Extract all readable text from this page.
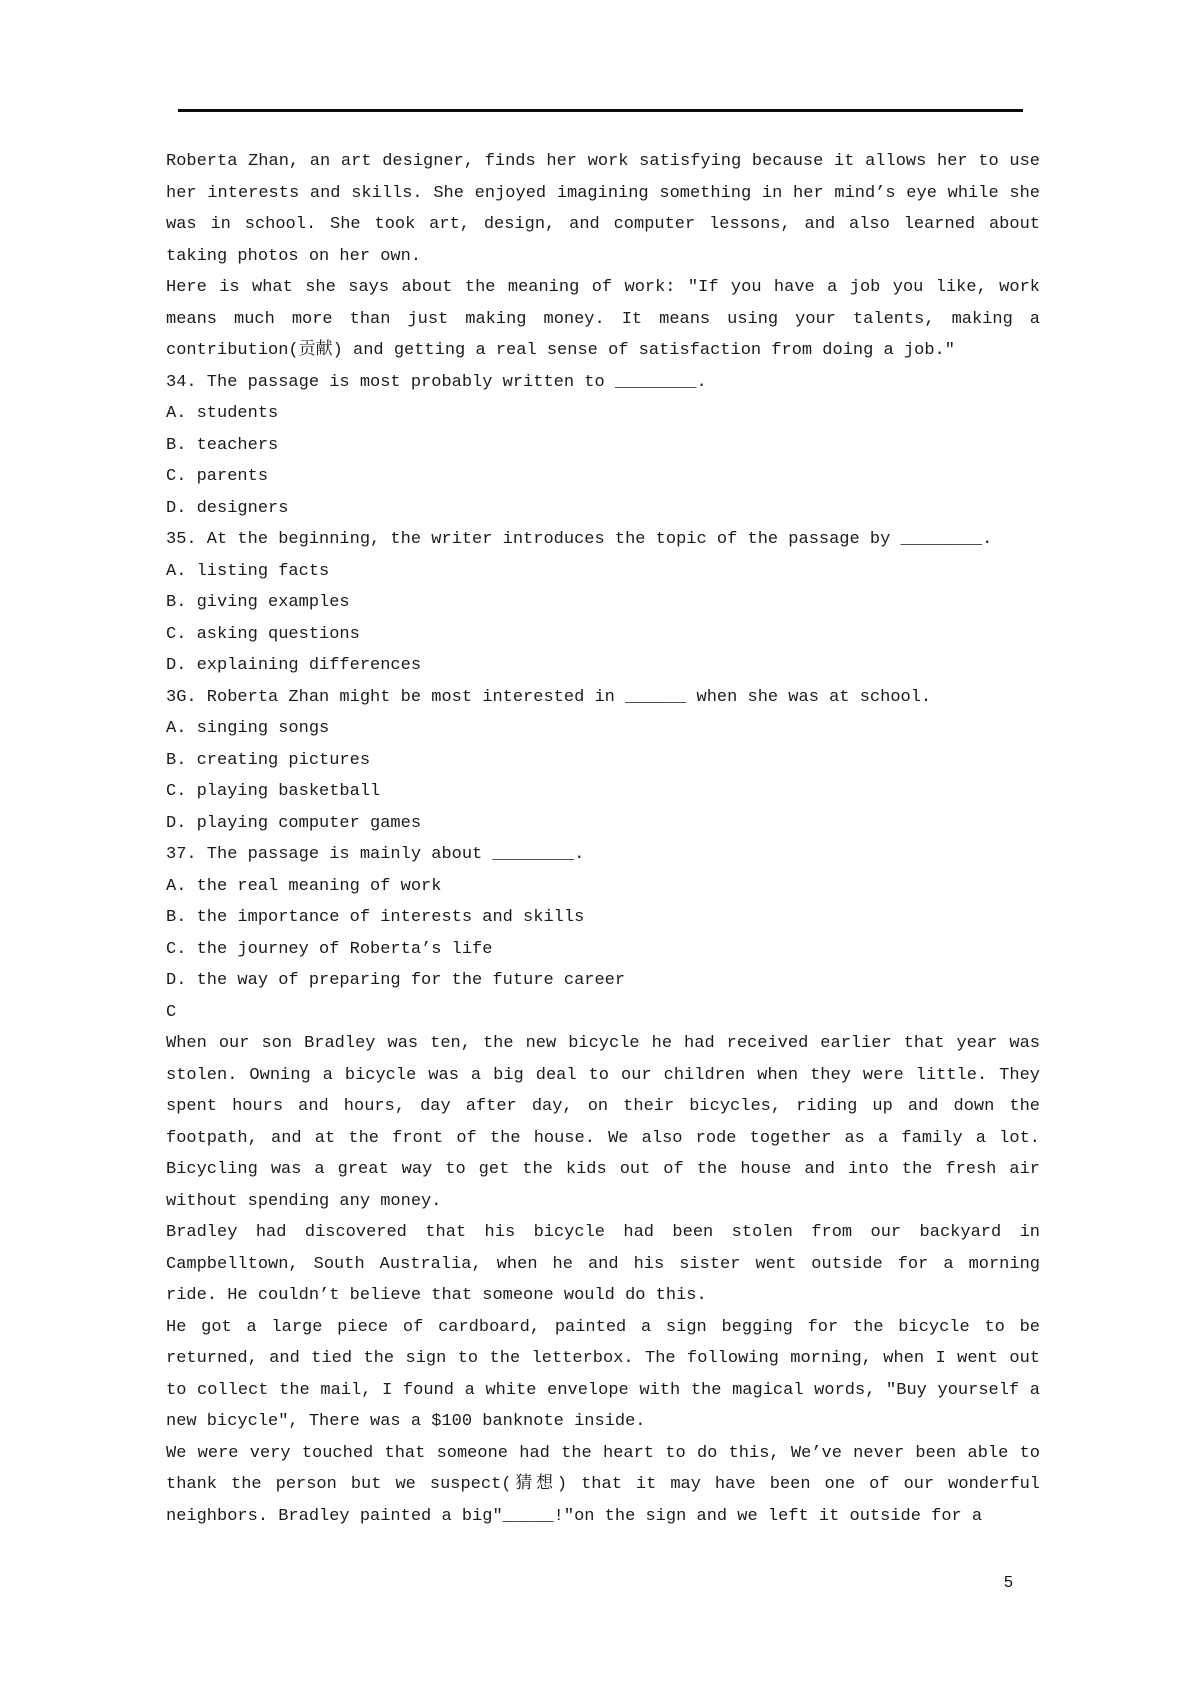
Roberta Zhan, an art designer, finds her work satisfying because it allows her to use her interests and skills. She enjoyed imagining something in her mind’s eye while she was in school. She took art, design, and computer lessons, and also learned about taking photos on her own.

Here is what she says about the meaning of work: ″If you have a job you like, work means much more than just making money. It means using your talents, making a contribution(贡献) and getting a real sense of satisfaction from doing a job.″

34. The passage is most probably written to ________.
A. students
B. teachers
C. parents
D. designers
35. At the beginning, the writer introduces the topic of the passage by ________.
A. listing facts
B. giving examples
C. asking questions
D. explaining differences
3G. Roberta Zhan might be most interested in ______ when she was at school.
A. singing songs
B. creating pictures
C. playing basketball
D. playing computer games
37. The passage is mainly about ________.
A. the real meaning of work
B. the importance of interests and skills
C. the journey of Roberta’s life
D. the way of preparing for the future career
C

When our son Bradley was ten, the new bicycle he had received earlier that year was stolen. Owning a bicycle was a big deal to our children when they were little. They spent hours and hours, day after day, on their bicycles, riding up and down the footpath, and at the front of the house. We also rode together as a family a lot. Bicycling was a great way to get the kids out of the house and into the fresh air without spending any money.

Bradley had discovered that his bicycle had been stolen from our backyard in Campbelltown, South Australia, when he and his sister went outside for a morning ride. He couldn’t believe that someone would do this.

He got a large piece of cardboard, painted a sign begging for the bicycle to be returned, and tied the sign to the letterbox. The following morning, when I went out to collect the mail, I found a white envelope with the magical words, ″Buy yourself a new bicycle″, There was a $100 banknote inside.

We were very touched that someone had the heart to do this, We’ve never been able to thank the person but we suspect(猜想) that it may have been one of our wonderful neighbors. Bradley painted a big″_____!″on the sign and we left it outside for a

5
